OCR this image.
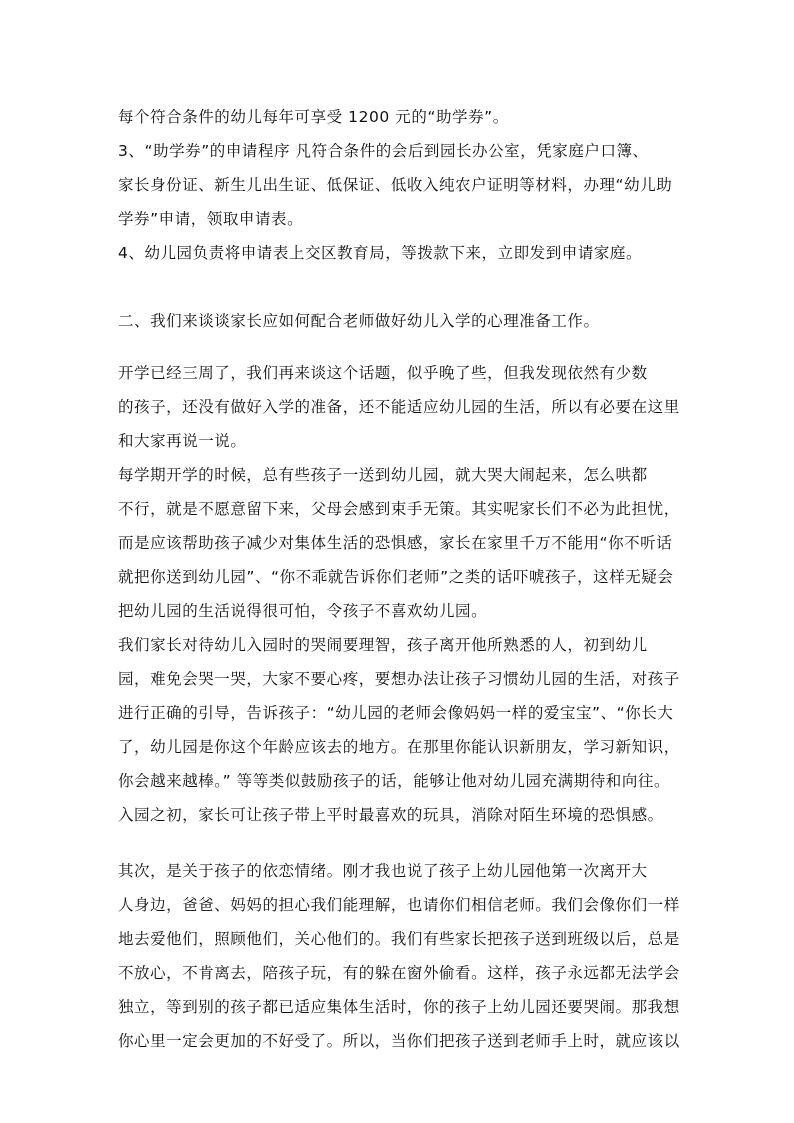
每个符合条件的幼儿每年可享受 1200 元的“助学券”。
3、“助学券”的申请程序 凡符合条件的会后到园长办公室，凭家庭户口簿、
家长身份证、新生儿出生证、低保证、低收入纯农户证明等材料，办理“幼儿助
学券”申请，领取申请表。
4、幼儿园负责将申请表上交区教育局，等拨款下来，立即发到申请家庭。
二、我们来谈谈家长应如何配合老师做好幼儿入学的心理准备工作。
开学已经三周了，我们再来谈这个话题，似乎晚了些，但我发现依然有少数
的孩子，还没有做好入学的准备，还不能适应幼儿园的生活，所以有必要在这里
和大家再说一说。
每学期开学的时候，总有些孩子一送到幼儿园，就大哭大闹起来，怎么哄都
不行，就是不愿意留下来，父母会感到束手无策。其实呢家长们不必为此担忧，
而是应该帮助孩子减少对集体生活的恐惧感，家长在家里千万不能用“你不听话
就把你送到幼儿园”、“你不乖就告诉你们老师”之类的话吓唬孩子，这样无疑会
把幼儿园的生活说得很可怕，令孩子不喜欢幼儿园。
我们家长对待幼儿入园时的哭闹要理智，孩子离开他所熟悉的人，初到幼儿
园，难免会哭一哭，大家不要心疼，要想办法让孩子习惯幼儿园的生活，对孩子
进行正确的引导，告诉孩子：“幼儿园的老师会像妈妈一样的爱宝宝”、“你长大
了，幼儿园是你这个年龄应该去的地方。在那里你能认识新朋友，学习新知识，
你会越来越棒。” 等等类似鼓励孩子的话，能够让他对幼儿园充满期待和向往。
入园之初，家长可让孩子带上平时最喜欢的玩具，消除对陌生环境的恐惧感。
其次，是关于孩子的依恋情绪。刚才我也说了孩子上幼儿园他第一次离开大
人身边，爸爸、妈妈的担心我们能理解，也请你们相信老师。我们会像你们一样
地去爱他们，照顾他们，关心他们的。我们有些家长把孩子送到班级以后，总是
不放心，不肯离去，陪孩子玩，有的躲在窗外偷看。这样，孩子永远都无法学会
独立，等到别的孩子都已适应集体生活时，你的孩子上幼儿园还要哭闹。那我想
你心里一定会更加的不好受了。所以，当你们把孩子送到老师手上时，就应该以
